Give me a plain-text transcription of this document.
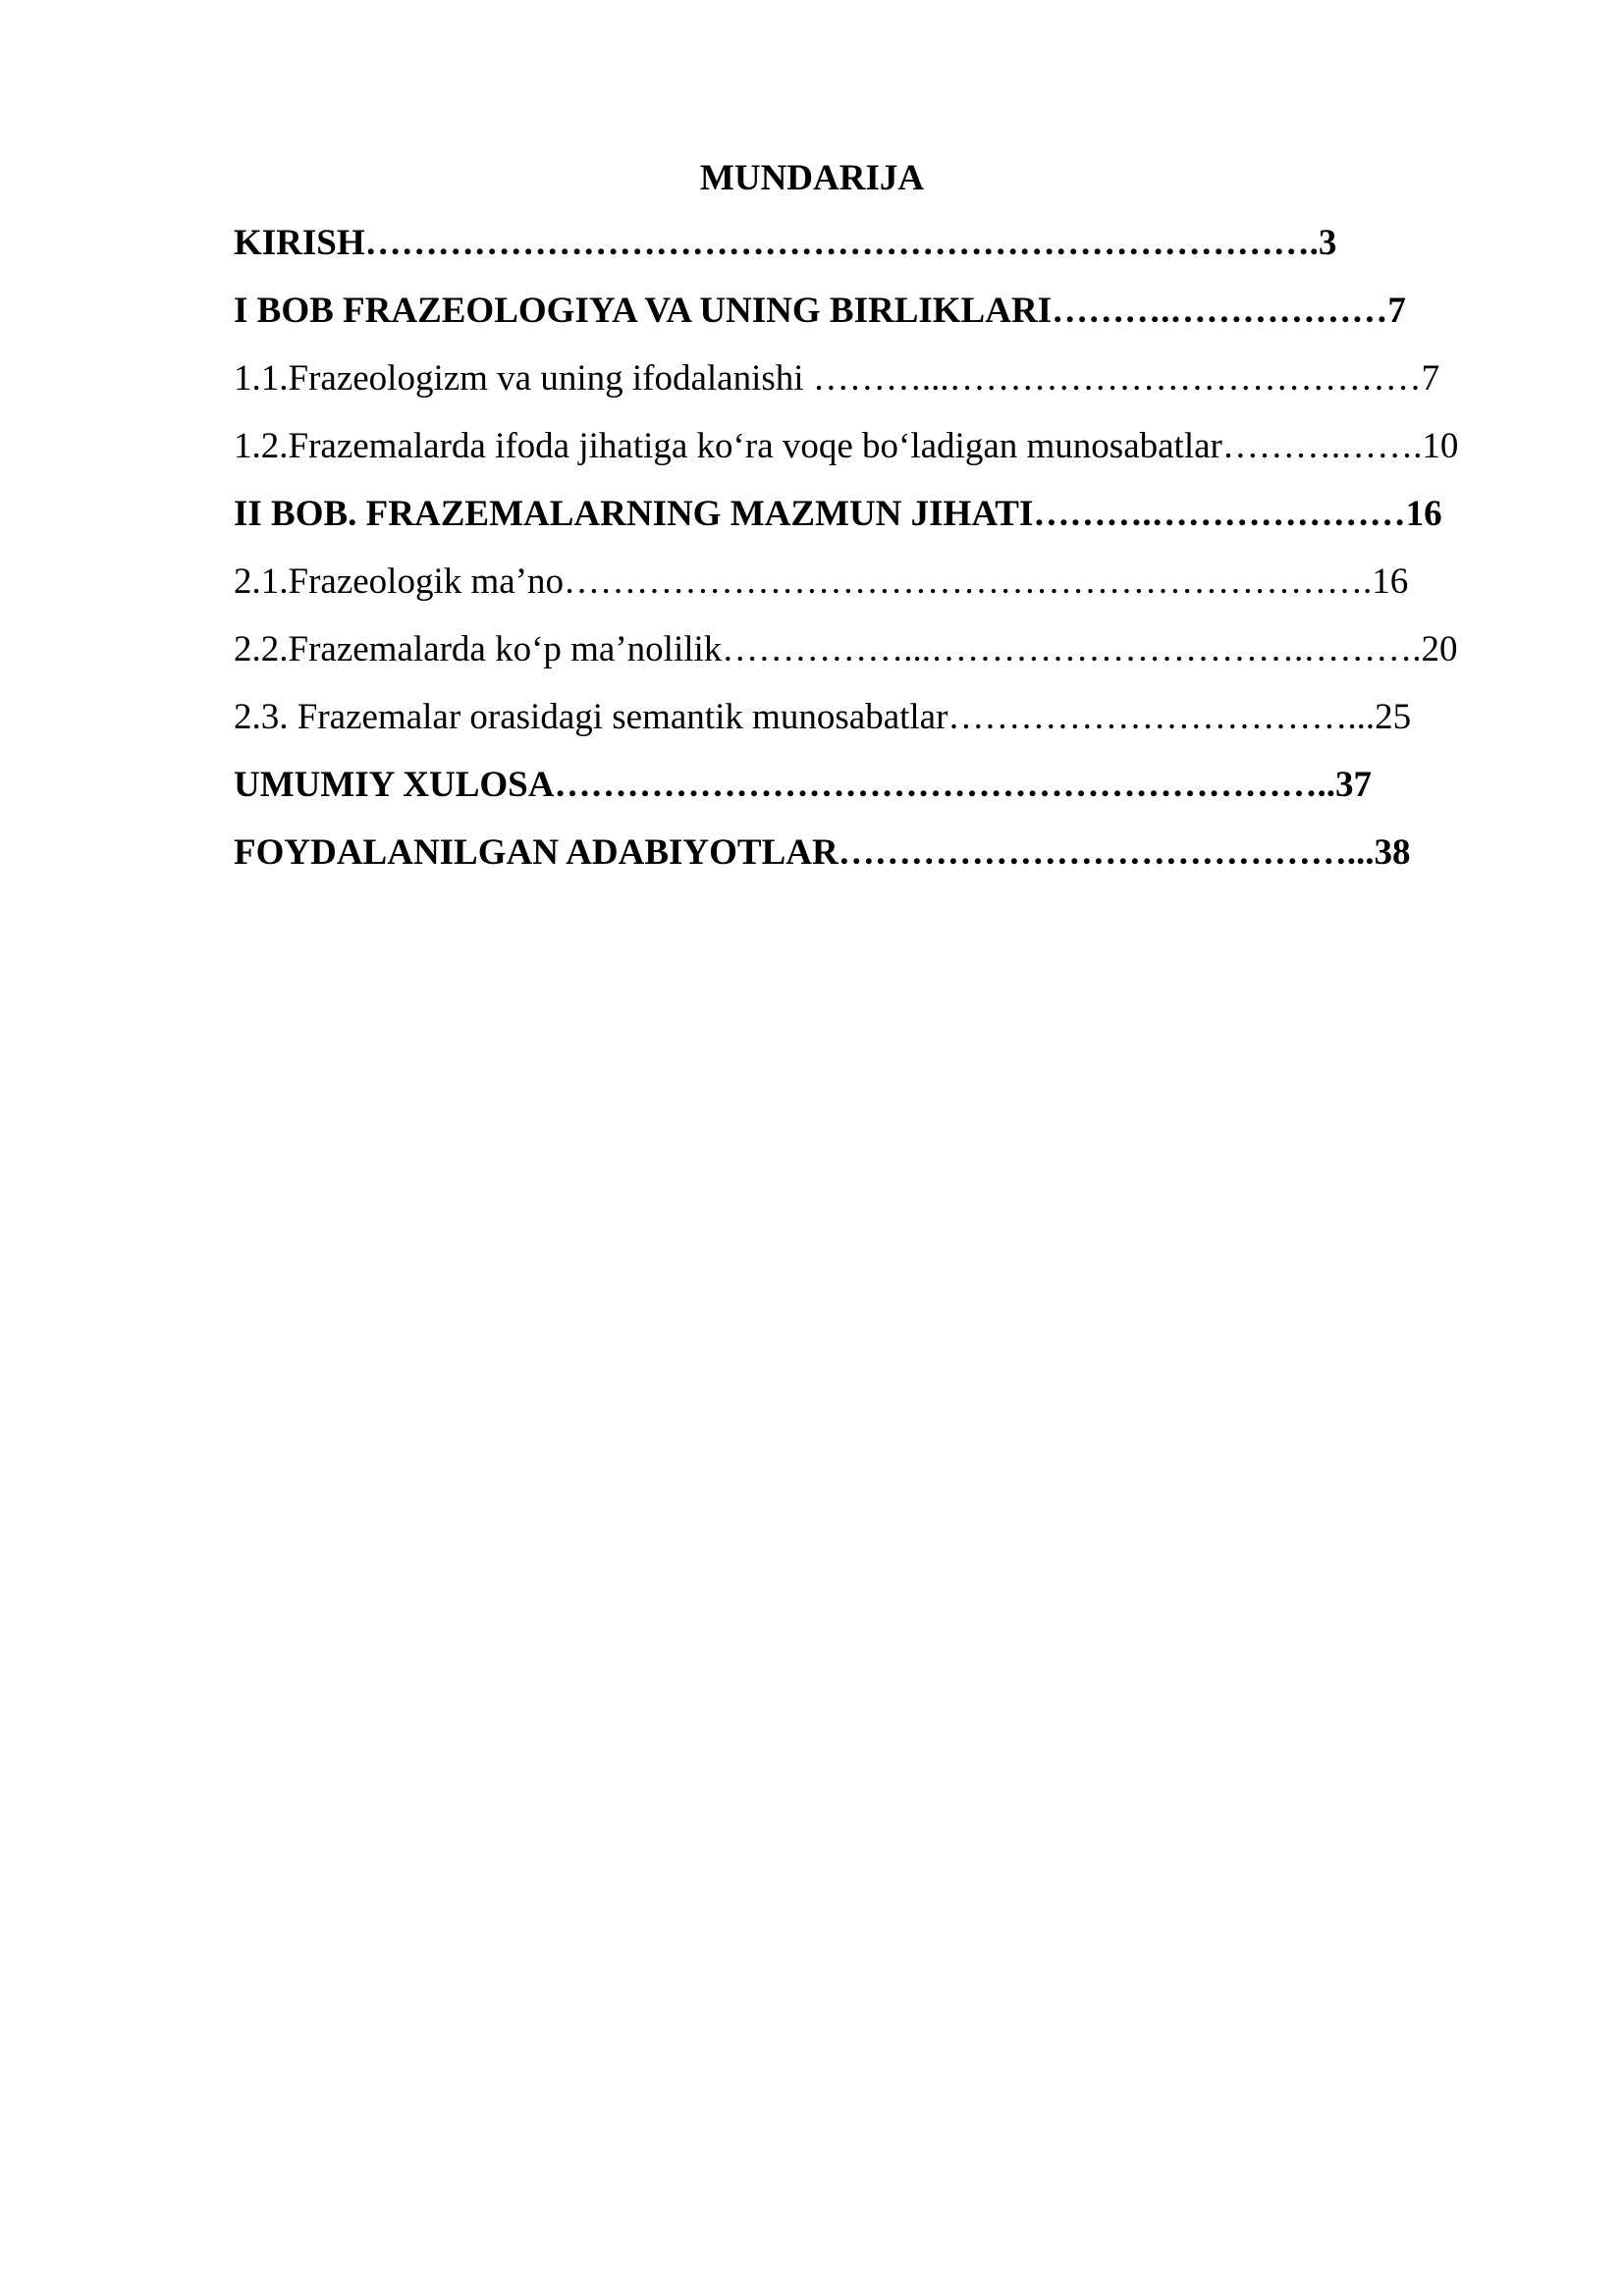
MUNDARIJA
KIRISH…………………………………………………………………….3
I BOB FRAZEOLOGIYA VA UNING BIRLIKLARI……….………………7
1.1.Frazeologizm va uning ifodalanishi ………...…………………………………7
1.2.Frazemalarda ifoda jihatiga ko‘ra voqe bo‘ladigan munosabatlar……….…….10
II BOB. FRAZEMALARNING MAZMUN JIHATI……….…………………16
2.1.Frazeologik ma’no………………………………………………………….16
2.2.Frazemalarda ko‘p ma’nolilik……………...………………………….……….20
2.3. Frazemalar orasidagi semantik munosabatlar……………………………...25
UMUMIY XULOSA………………………………………………………..37
FOYDALANILGAN ADABIYOTLAR……………………………………...38
